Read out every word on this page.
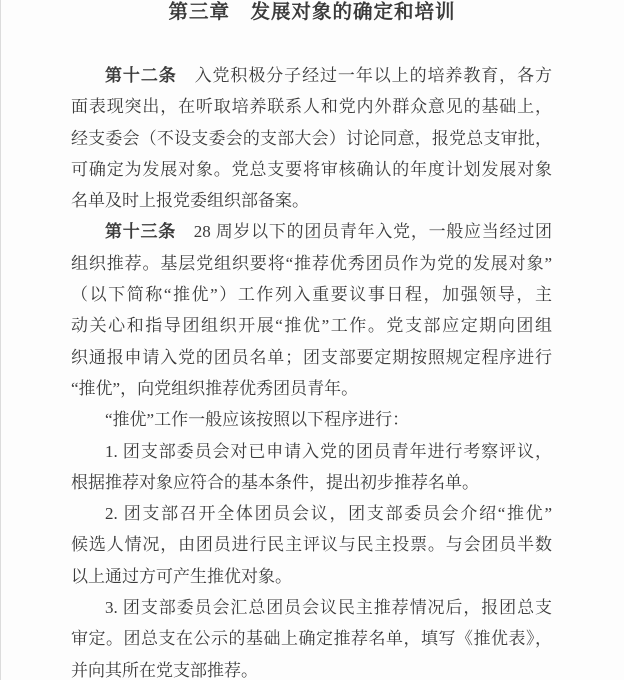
第三章　发展对象的确定和培训
第十二条　入党积极分子经过一年以上的培养教育，各方
面表现突出，在听取培养联系人和党内外群众意见的基础上，
经支委会（不设支委会的支部大会）讨论同意，报党总支审批，
可确定为发展对象。党总支要将审核确认的年度计划发展对象
名单及时上报党委组织部备案。
第十三条　28 周岁以下的团员青年入党，一般应当经过团
组织推荐。基层党组织要将“推荐优秀团员作为党的发展对象”
（以下简称“推优”）工作列入重要议事日程，加强领导，主
动关心和指导团组织开展“推优”工作。党支部应定期向团组
织通报申请入党的团员名单；团支部要定期按照规定程序进行
“推优”，向党组织推荐优秀团员青年。
“推优”工作一般应该按照以下程序进行：
1. 团支部委员会对已申请入党的团员青年进行考察评议，
根据推荐对象应符合的基本条件，提出初步推荐名单。
2. 团支部召开全体团员会议，团支部委员会介绍“推优”
候选人情况，由团员进行民主评议与民主投票。与会团员半数
以上通过方可产生推优对象。
3. 团支部委员会汇总团员会议民主推荐情况后，报团总支
审定。团总支在公示的基础上确定推荐名单，填写《推优表》，
并向其所在党支部推荐。
